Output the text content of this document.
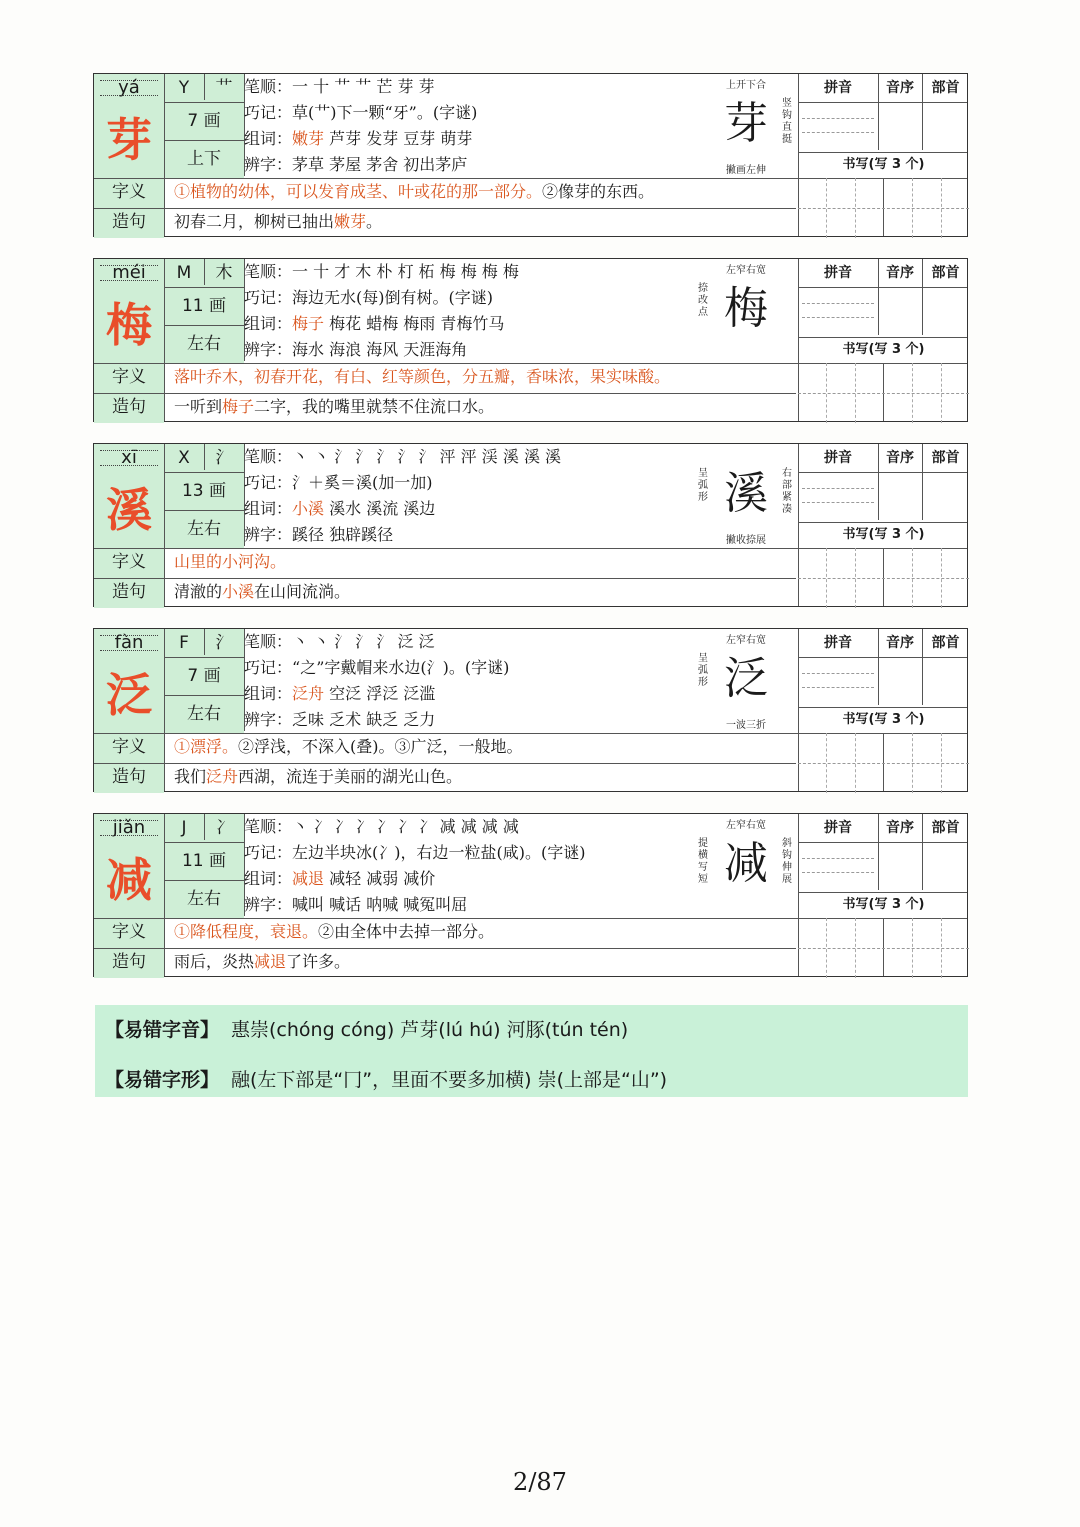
yá
芽
Y	艹
7 画
上下
笔顺：一 十 艹 艹 芒 芽 芽
巧记：草(艹)下一颗“牙”。(字谜)
组词：嫩芽 芦芽 发芽 豆芽 萌芽
辨字：茅草 茅屋 茅舍 初出茅庐
字义	①植物的幼体，可以发育成茎、叶或花的那一部分。②像芽的东西。
造句	初春二月，柳树已抽出嫩芽。
上开下合
芽	竖钩直挺
撇画左伸
拼音	音序	部首
书写(写 3 个)
méi
梅
M	木
11 画
左右
笔顺：一 十 才 木 朴 朾 柘 梅 梅 梅 梅
巧记：海边无水(每)倒有树。(字谜)
组词：梅子 梅花 蜡梅 梅雨 青梅竹马
辨字：海水 海浪 海风 天涯海角
字义	落叶乔木，初春开花，有白、红等颜色，分五瓣，香味浓，果实味酸。
造句	一听到梅子二字，我的嘴里就禁不住流口水。
左窄右宽
捺改点 梅
拼音	音序	部首
书写(写 3 个)
xī
溪
X	氵
13 画
左右
笔顺：丶 丶 氵 氵 氵 氵 氵 泙 泙 渓 溪 溪 溪
巧记：氵＋奚＝溪(加一加)
组词：小溪 溪水 溪流 溪边
辨字：蹊径 独辟蹊径
字义	山里的小河沟。
造句	清澈的小溪在山间流淌。
呈弧形 溪	右部紧凑
撇收捺展
拼音	音序	部首
书写(写 3 个)
fàn
泛
F	氵
7 画
左右
笔顺：丶 丶 氵 氵 氵 泛 泛
巧记：“之”字戴帽来水边(氵)。(字谜)
组词：泛舟 空泛 浮泛 泛滥
辨字：乏味 乏术 缺乏 乏力
字义	①漂浮。②浮浅，不深入(叠)。③广泛，一般地。
造句	我们泛舟西湖，流连于美丽的湖光山色。
左窄右宽
呈弧形 泛
一波三折
拼音	音序	部首
书写(写 3 个)
jiǎn
减
J	冫
11 画
左右
笔顺：丶 冫 冫 冫 冫 冫 冫 减 减 减 减
巧记：左边半块冰(冫)，右边一粒盐(咸)。(字谜)
组词：减退 减轻 减弱 减价
辨字：喊叫 喊话 呐喊 喊冤叫屈
字义	①降低程度，衰退。②由全体中去掉一部分。
造句	雨后，炎热减退了许多。
左窄右宽
提横写短 减	斜钩伸展
拼音	音序	部首
书写(写 3 个)
【易错字音】 惠崇(chóng cóng) 芦芽(lú hú) 河豚(tún tén)
【易错字形】 融(左下部是“冂”，里面不要多加横) 崇(上部是“山”)
2/87
